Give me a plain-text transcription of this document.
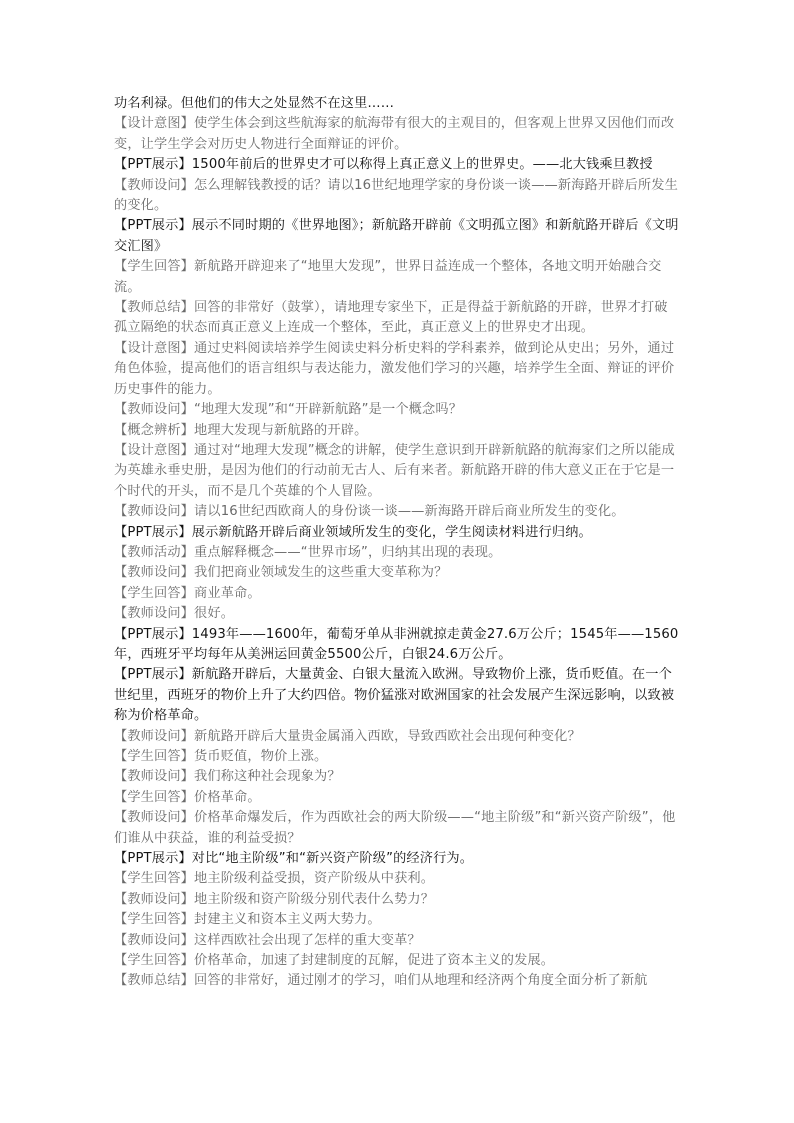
功名利禄。但他们的伟大之处显然不在这里……

【设计意图】使学生体会到这些航海家的航海带有很大的主观目的，但客观上世界又因他们而改变，让学生学会对历史人物进行全面辩证的评价。

【PPT展示】1500年前后的世界史才可以称得上真正意义上的世界史。——北大钱乘旦教授

【教师设问】怎么理解钱教授的话？请以16世纪地理学家的身份谈一谈——新海路开辟后所发生的变化。

【PPT展示】展示不同时期的《世界地图》；新航路开辟前《文明孤立图》和新航路开辟后《文明交汇图》

【学生回答】新航路开辟迎来了“地里大发现”，世界日益连成一个整体，各地文明开始融合交流。

【教师总结】回答的非常好（鼓掌），请地理专家坐下，正是得益于新航路的开辟，世界才打破孤立隔绝的状态而真正意义上连成一个整体，至此，真正意义上的世界史才出现。

【设计意图】通过史料阅读培养学生阅读史料分析史料的学科素养，做到论从史出；另外，通过角色体验，提高他们的语言组织与表达能力，激发他们学习的兴趣，培养学生全面、辩证的评价历史事件的能力。

【教师设问】“地理大发现”和“开辟新航路”是一个概念吗？

【概念辨析】地理大发现与新航路的开辟。

【设计意图】通过对“地理大发现”概念的讲解，使学生意识到开辟新航路的航海家们之所以能成为英雄永垂史册，是因为他们的行动前无古人、后有来者。新航路开辟的伟大意义正在于它是一个时代的开头，而不是几个英雄的个人冒险。

【教师设问】请以16世纪西欧商人的身份谈一谈——新海路开辟后商业所发生的变化。

【PPT展示】展示新航路开辟后商业领域所发生的变化，学生阅读材料进行归纳。

【教师活动】重点解释概念——“世界市场”，归纳其出现的表现。

【教师设问】我们把商业领域发生的这些重大变革称为？

【学生回答】商业革命。

【教师设问】很好。

【PPT展示】1493年——1600年，葡萄牙单从非洲就掠走黄金27.6万公斤；1545年——1560年，西班牙平均每年从美洲运回黄金5500公斤，白银24.6万公斤。

【PPT展示】新航路开辟后，大量黄金、白银大量流入欧洲。导致物价上涨，货币贬值。在一个世纪里，西班牙的物价上升了大约四倍。物价猛涨对欧洲国家的社会发展产生深远影响，以致被称为价格革命。

【教师设问】新航路开辟后大量贵金属涌入西欧，导致西欧社会出现何种变化？

【学生回答】货币贬值，物价上涨。

【教师设问】我们称这种社会现象为？

【学生回答】价格革命。

【教师设问】价格革命爆发后，作为西欧社会的两大阶级——“地主阶级”和“新兴资产阶级”，他们谁从中获益，谁的利益受损？

【PPT展示】对比“地主阶级”和“新兴资产阶级”的经济行为。

【学生回答】地主阶级利益受损，资产阶级从中获利。

【教师设问】地主阶级和资产阶级分别代表什么势力？

【学生回答】封建主义和资本主义两大势力。

【教师设问】这样西欧社会出现了怎样的重大变革？

【学生回答】价格革命，加速了封建制度的瓦解，促进了资本主义的发展。

【教师总结】回答的非常好，通过刚才的学习，咱们从地理和经济两个角度全面分析了新航
